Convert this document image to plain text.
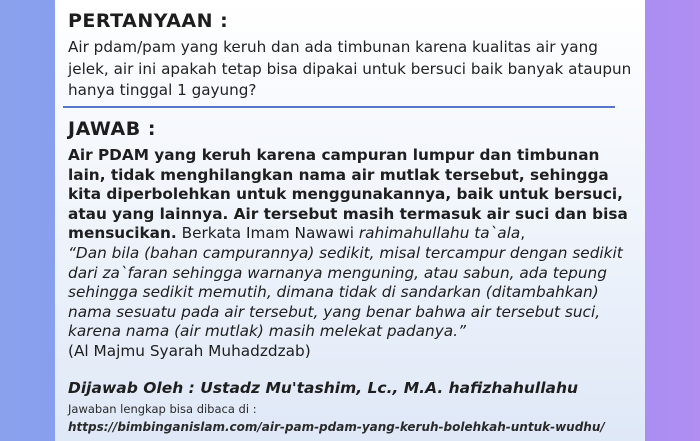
PERTANYAAN :
Air pdam/pam yang keruh dan ada timbunan karena kualitas air yang jelek, air ini apakah tetap bisa dipakai untuk bersuci baik banyak ataupun hanya tinggal 1 gayung?
JAWAB :
Air PDAM yang keruh karena campuran lumpur dan timbunan lain, tidak menghilangkan nama air mutlak tersebut, sehingga kita diperbolehkan untuk menggunakannya, baik untuk bersuci, atau yang lainnya. Air tersebut masih termasuk air suci dan bisa mensucikan. Berkata Imam Nawawi rahimahullahu ta`ala,
“Dan bila (bahan campurannya) sedikit, misal tercampur dengan sedikit dari za`faran sehingga warnanya menguning, atau sabun, ada tepung sehingga sedikit memutih, dimana tidak di sandarkan (ditambahkan) nama sesuatu pada air tersebut, yang benar bahwa air tersebut suci, karena nama (air mutlak) masih melekat padanya.”
(Al Majmu Syarah Muhadzdzab)
Dijawab Oleh : Ustadz Mu'tashim, Lc., M.A. hafizhahullahu
Jawaban lengkap bisa dibaca di :
https://bimbinganislam.com/air-pam-pdam-yang-keruh-bolehkah-untuk-wudhu/
